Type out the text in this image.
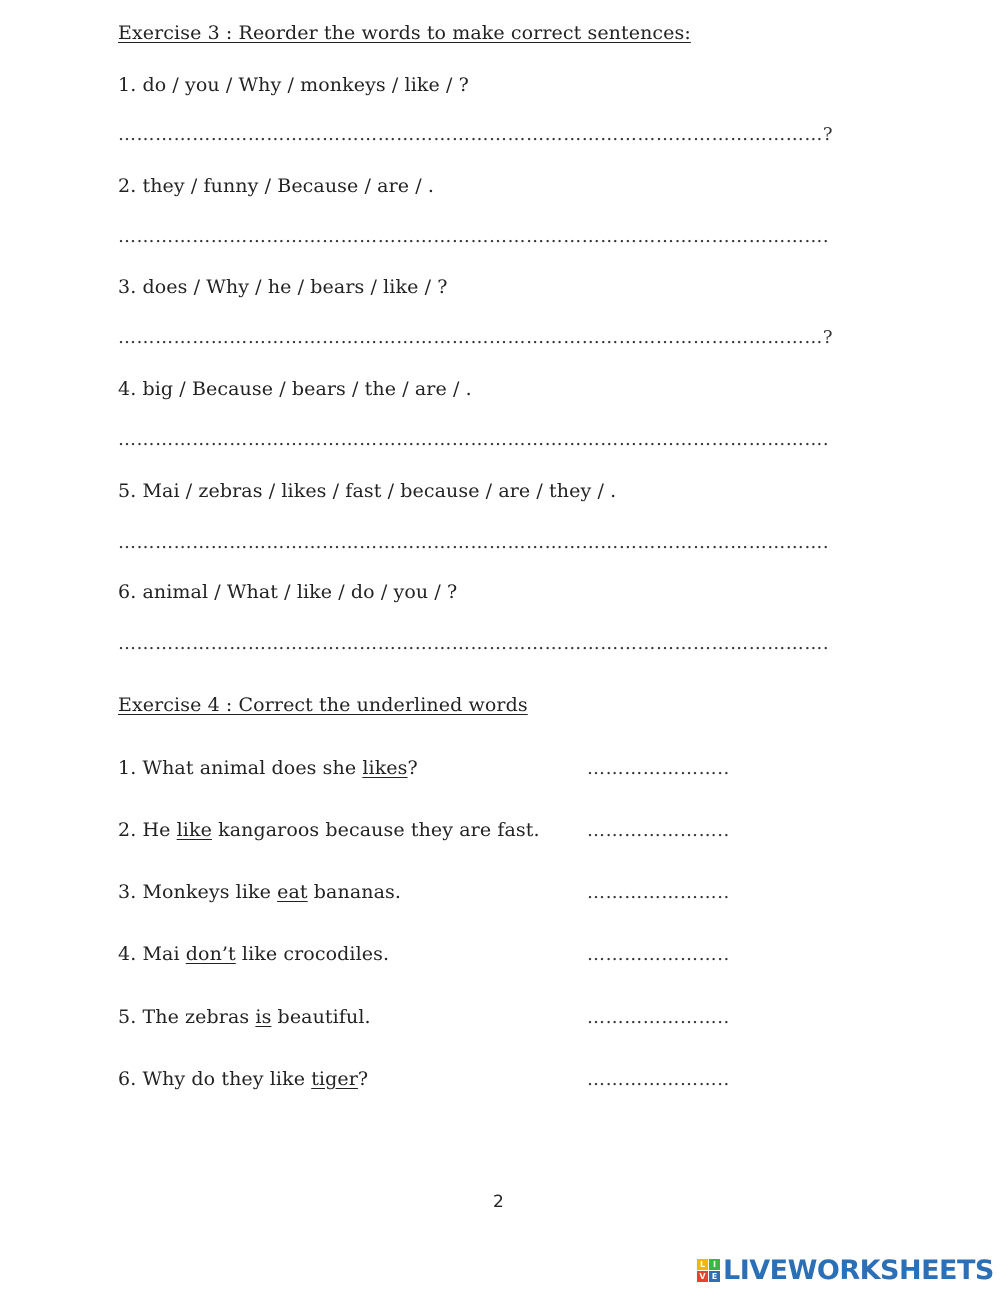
Exercise 3 : Reorder the words to make correct sentences:
1. do / you / Why / monkeys / like / ?
……………………………………………………………………………………………………?
2. they / funny / Because / are / .
…………………………………………………………………………………………………….
3. does / Why / he / bears / like / ?
……………………………………………………………………………………………………?
4. big / Because / bears / the / are / .
…………………………………………………………………………………………………….
5. Mai / zebras / likes / fast / because / are / they / .
…………………………………………………………………………………………………….
6. animal / What / like / do / you / ?
…………………………………………………………………………………………………….
Exercise 4 : Correct the underlined words
1. What animal does she likes?	…………………..
2. He like kangaroos because they are fast.	…………………..
3. Monkeys like eat bananas.	…………………..
4. Mai don’t like crocodiles.	…………………..
5. The zebras is beautiful.	…………………..
6. Why do they like tiger?	…………………..
2
L I
V E LIVEWORKSHEETS
